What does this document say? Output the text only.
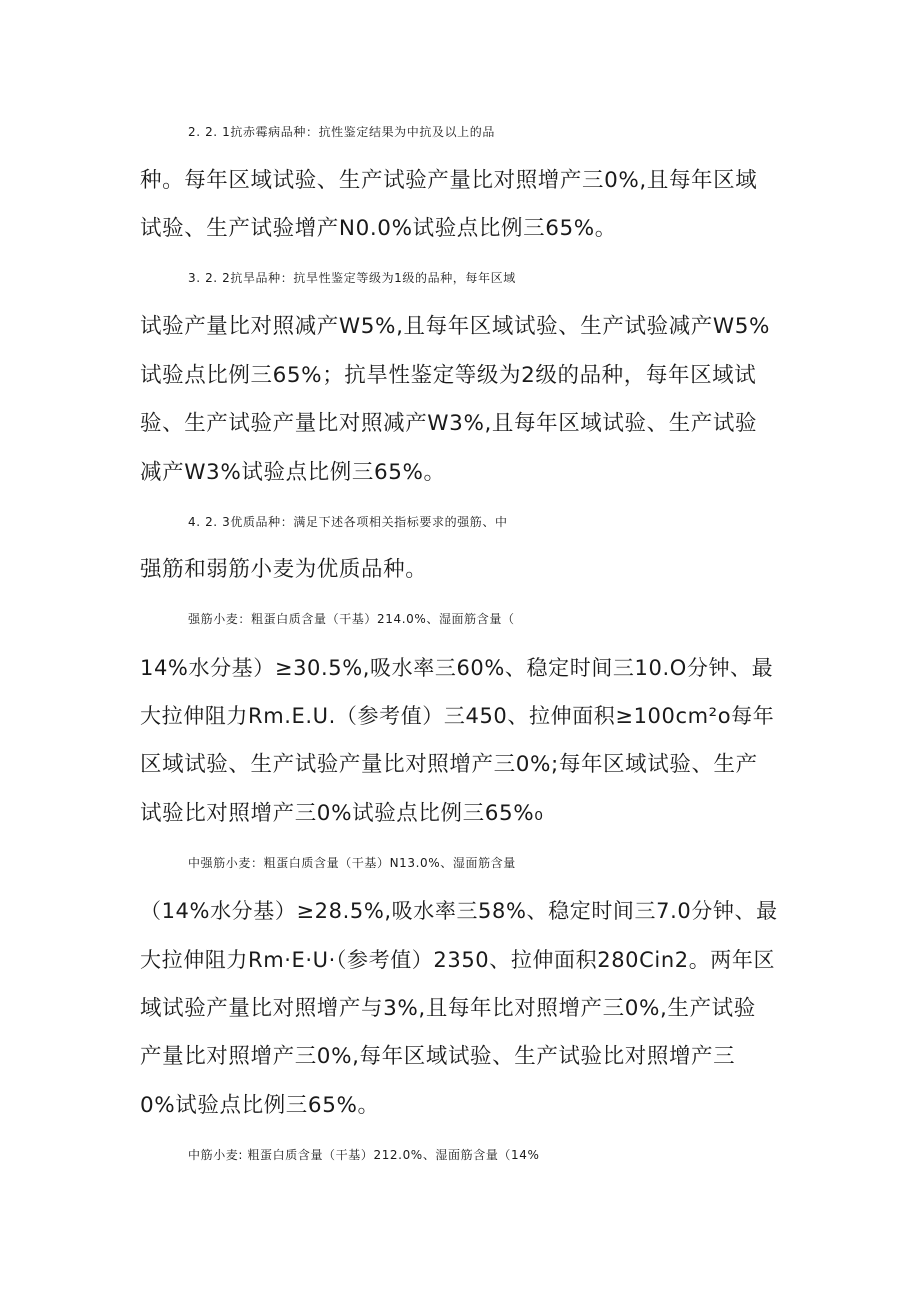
2. 2. 1抗赤霉病品种：抗性鉴定结果为中抗及以上的品
种。每年区域试验、生产试验产量比对照增产三0%,且每年区域
试验、生产试验增产N0.0%试验点比例三65%。
3. 2. 2抗旱品种：抗旱性鉴定等级为1级的品种，每年区域
试验产量比对照减产W5%,且每年区域试验、生产试验减产W5%
试验点比例三65%；抗旱性鉴定等级为2级的品种，每年区域试
验、生产试验产量比对照减产W3%,且每年区域试验、生产试验
减产W3%试验点比例三65%。
4. 2. 3优质品种：满足下述各项相关指标要求的强筋、中
强筋和弱筋小麦为优质品种。
强筋小麦：粗蛋白质含量（干基）214.0%、湿面筋含量（
14%水分基）≥30.5%,吸水率三60%、稳定时间三10.O分钟、最
大拉伸阻力Rm.E.U.（参考值）三450、拉伸面积≥100cm²o每年
区域试验、生产试验产量比对照增产三0%;每年区域试验、生产
试验比对照增产三0%试验点比例三65%₀
中强筋小麦：粗蛋白质含量（干基）N13.0%、湿面筋含量
（14%水分基）≥28.5%,吸水率三58%、稳定时间三7.0分钟、最
大拉伸阻力Rm·E·U·（参考值）2350、拉伸面积280Cin2。两年区
域试验产量比对照增产与3%,且每年比对照增产三0%,生产试验
产量比对照增产三0%,每年区域试验、生产试验比对照增产三
0%试验点比例三65%。
中筋小麦: 粗蛋白质含量（干基）212.0%、湿面筋含量（14%
